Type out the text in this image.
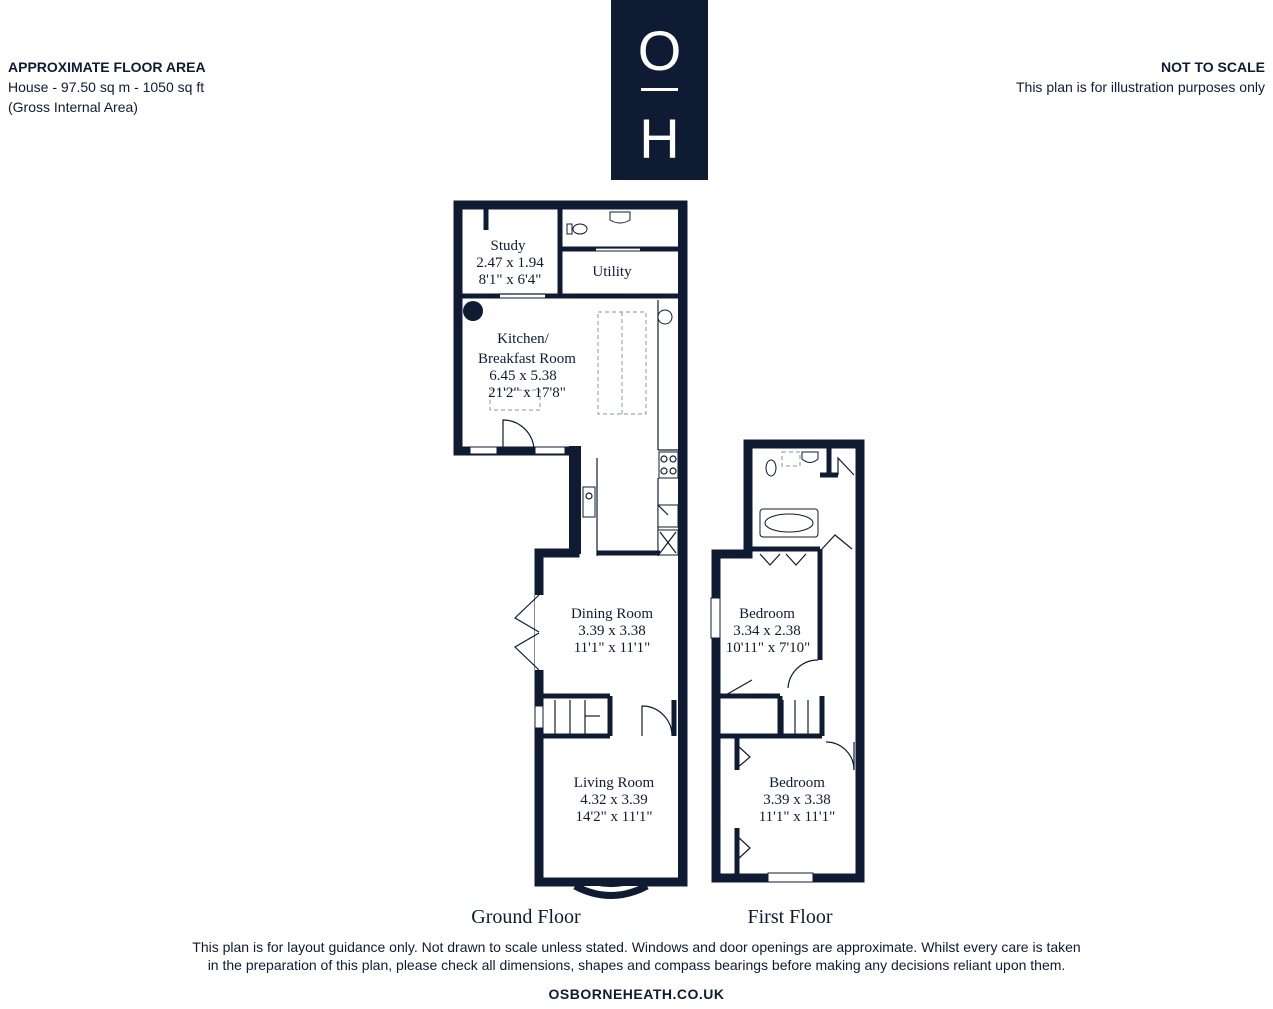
APPROXIMATE FLOOR AREA
House - 97.50 sq m - 1050 sq ft
(Gross Internal Area)
NOT TO SCALE
This plan is for illustration purposes only
O
H
Study
2.47 x 1.94
8'1" x 6'4"	Utility
Kitchen/
Breakfast Room
6.45 x 5.38
21'2" x 17'8"
Dining Room
3.39 x 3.38
11'1" x 11'1"
Living Room
4.32 x 3.39
14'2" x 11'1"
Ground Floor
Bedroom
3.34 x 2.38
10'11" x 7'10"
Bedroom
3.39 x 3.38
11'1" x 11'1"
First Floor
This plan is for layout guidance only. Not drawn to scale unless stated. Windows and door openings are approximate. Whilst every care is taken
in the preparation of this plan, please check all dimensions, shapes and compass bearings before making any decisions reliant upon them.
OSBORNEHEATH.CO.UK
